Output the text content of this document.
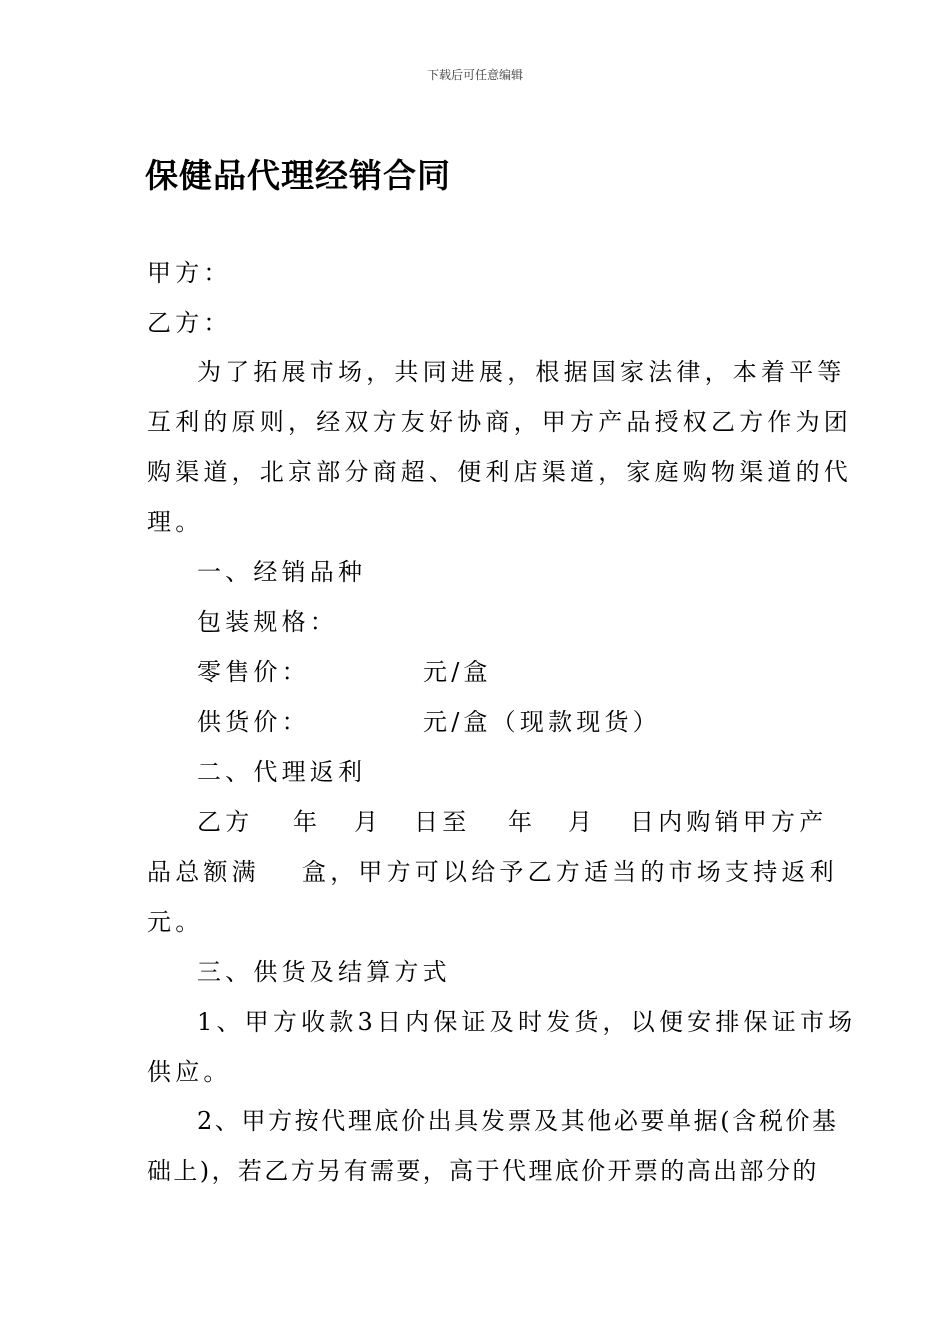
下载后可任意编辑
保健品代理经销合同
甲方：
乙方：
为了拓展市场，共同进展，根据国家法律，本着平等
互利的原则，经双方友好协商，甲方产品授权乙方作为团
购渠道，北京部分商超、便利店渠道，家庭购物渠道的代
理。
一、经销品种
包装规格：
零售价：	元/盒
供货价：	元/盒（现款现货）
二、代理返利
乙方 年 月 日至 年 月 日内购销甲方产
品总额满 盒，甲方可以给予乙方适当的市场支持返利
元。
三、供货及结算方式
1、甲方收款3日内保证及时发货，以便安排保证市场
供应。
2、甲方按代理底价出具发票及其他必要单据(含税价基
础上)，若乙方另有需要，高于代理底价开票的高出部分的
